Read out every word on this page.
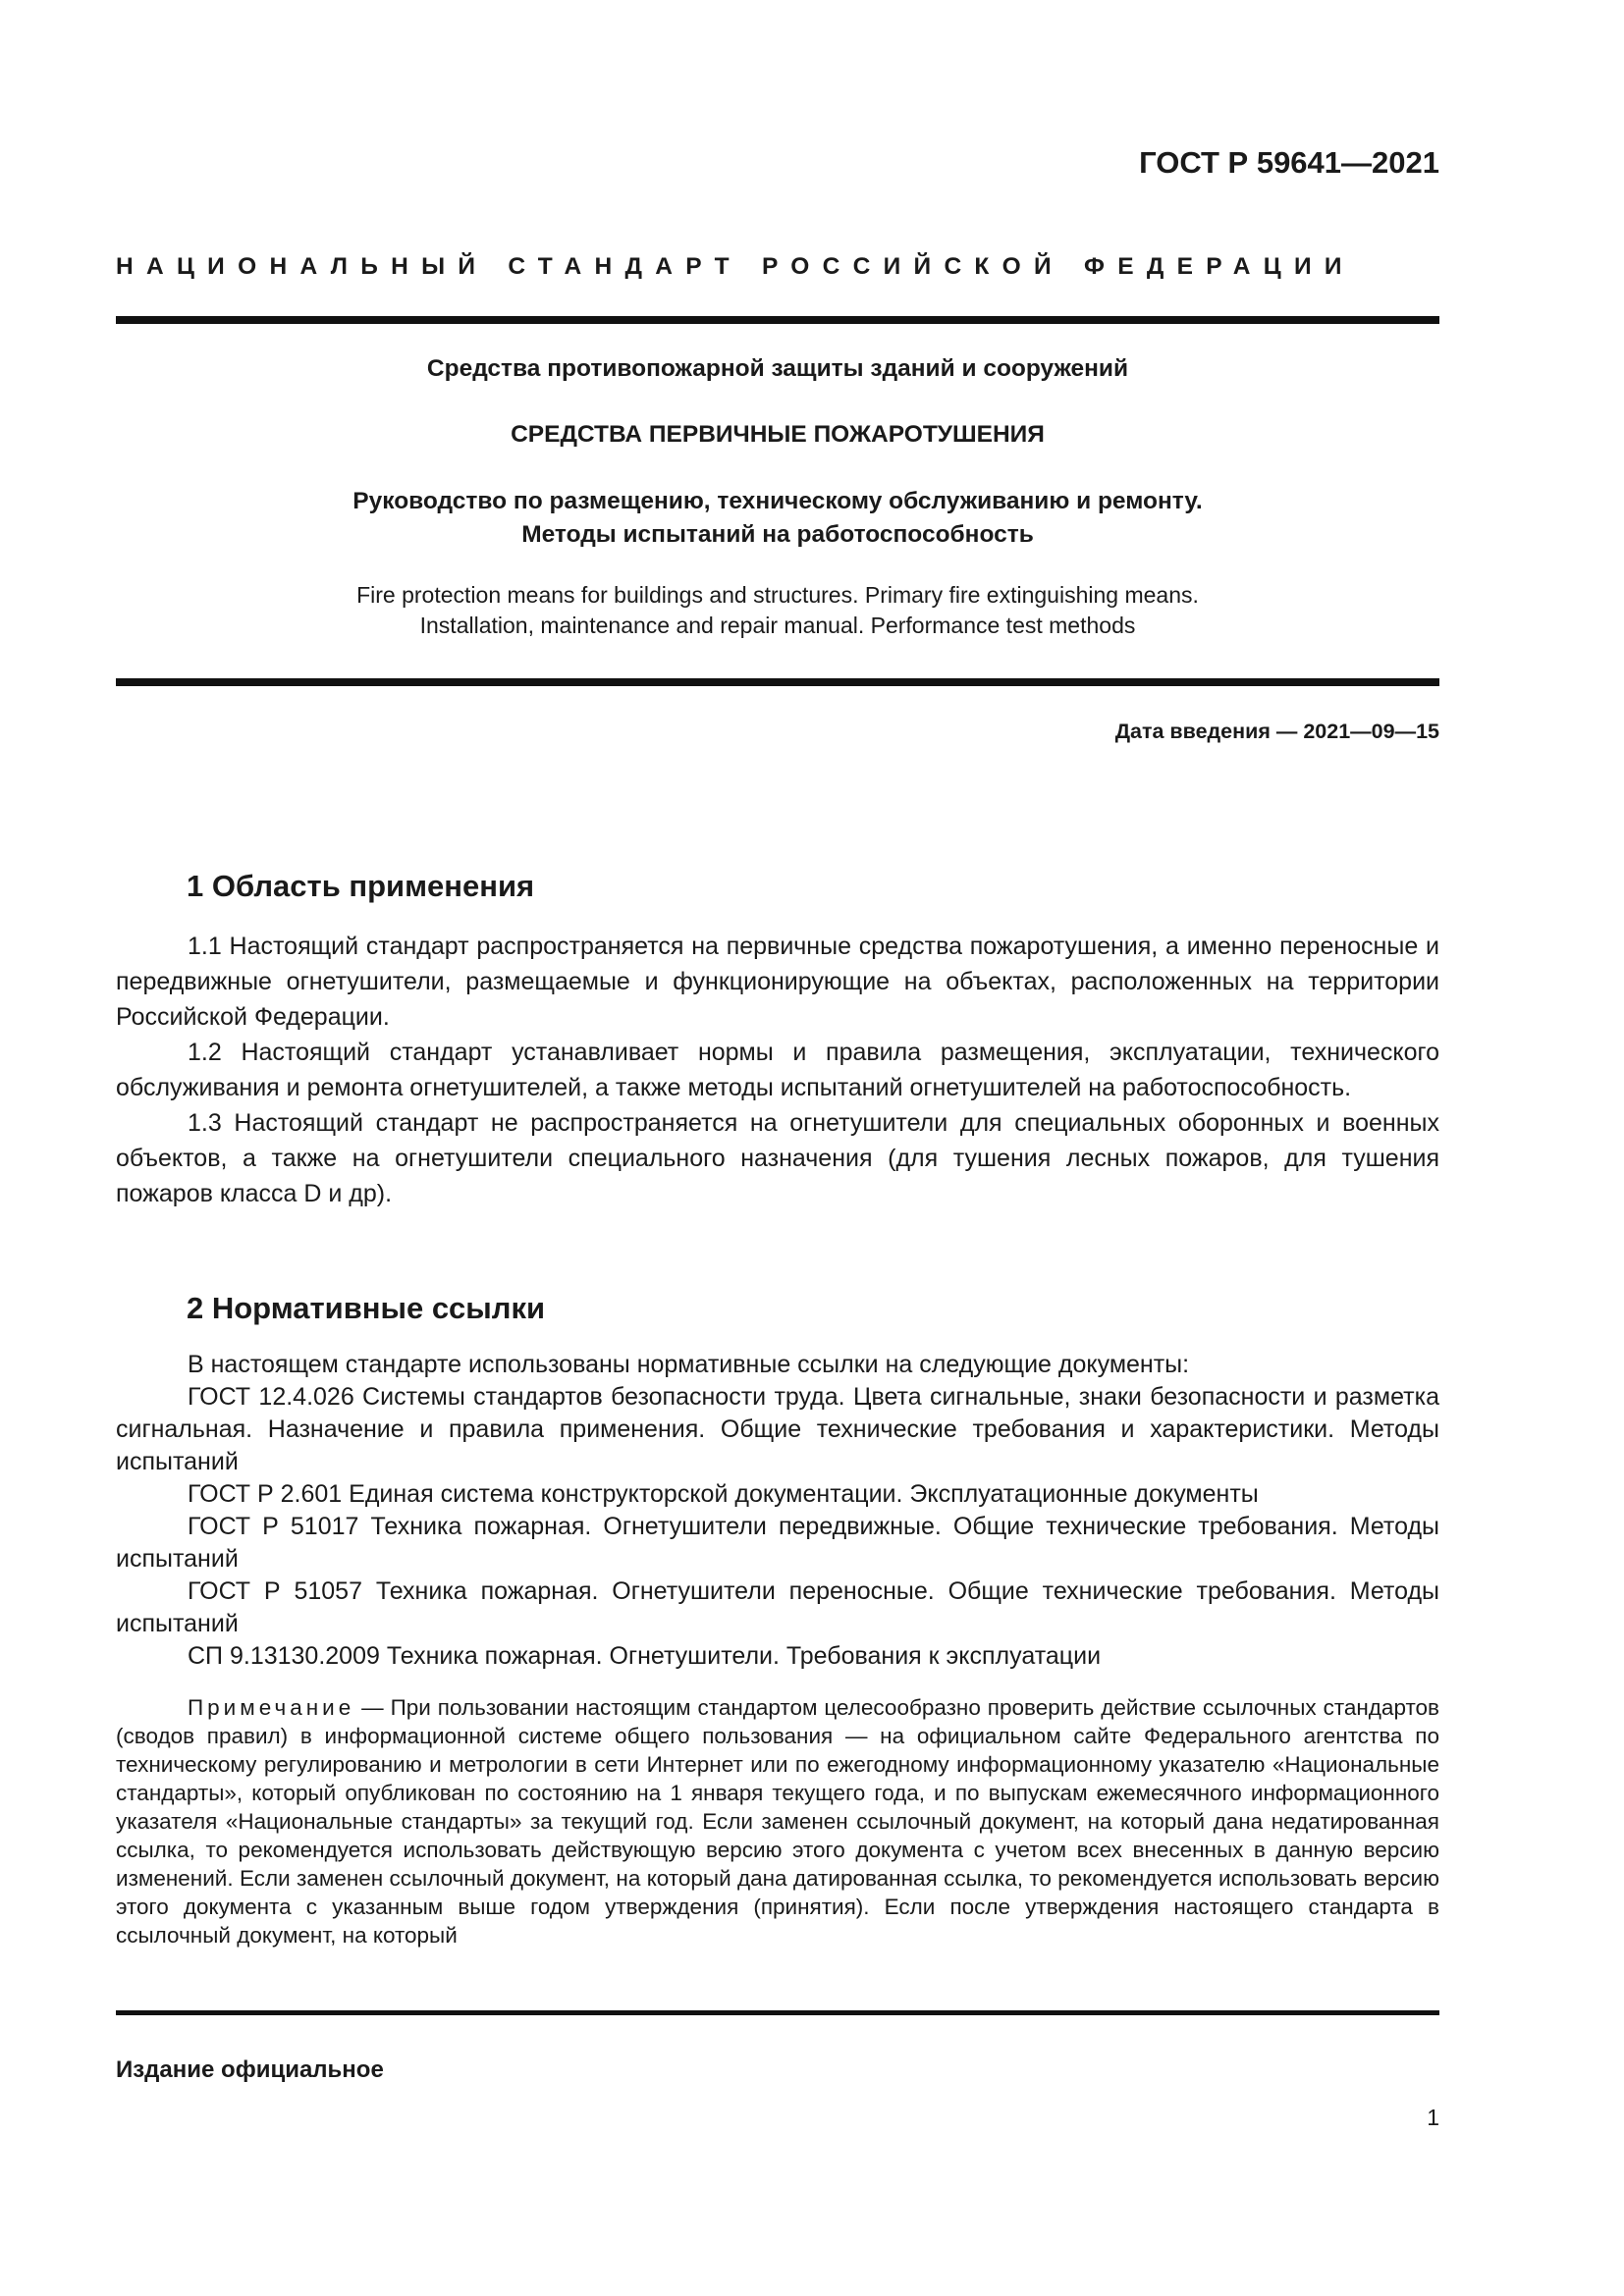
ГОСТ Р 59641—2021
НАЦИОНАЛЬНЫЙ СТАНДАРТ РОССИЙСКОЙ ФЕДЕРАЦИИ
Средства противопожарной защиты зданий и сооружений
СРЕДСТВА ПЕРВИЧНЫЕ ПОЖАРОТУШЕНИЯ
Руководство по размещению, техническому обслуживанию и ремонту.
Методы испытаний на работоспособность
Fire protection means for buildings and structures. Primary fire extinguishing means.
Installation, maintenance and repair manual. Performance test methods
Дата введения — 2021—09—15
1 Область применения

1.1 Настоящий стандарт распространяется на первичные средства пожаротушения, а именно переносные и передвижные огнетушители, размещаемые и функционирующие на объектах, расположенных на территории Российской Федерации.

1.2 Настоящий стандарт устанавливает нормы и правила размещения, эксплуатации, технического обслуживания и ремонта огнетушителей, а также методы испытаний огнетушителей на работоспособность.

1.3 Настоящий стандарт не распространяется на огнетушители для специальных оборонных и военных объектов, а также на огнетушители специального назначения (для тушения лесных пожаров, для тушения пожаров класса D и др).

2 Нормативные ссылки

В настоящем стандарте использованы нормативные ссылки на следующие документы:

ГОСТ 12.4.026 Системы стандартов безопасности труда. Цвета сигнальные, знаки безопасности и разметка сигнальная. Назначение и правила применения. Общие технические требования и характеристики. Методы испытаний

ГОСТ Р 2.601 Единая система конструкторской документации. Эксплуатационные документы

ГОСТ Р 51017 Техника пожарная. Огнетушители передвижные. Общие технические требования. Методы испытаний

ГОСТ Р 51057 Техника пожарная. Огнетушители переносные. Общие технические требования. Методы испытаний

СП 9.13130.2009 Техника пожарная. Огнетушители. Требования к эксплуатации

Примечание — При пользовании настоящим стандартом целесообразно проверить действие ссылочных стандартов (сводов правил) в информационной системе общего пользования — на официальном сайте Федерального агентства по техническому регулированию и метрологии в сети Интернет или по ежегодному информационному указателю «Национальные стандарты», который опубликован по состоянию на 1 января текущего года, и по выпускам ежемесячного информационного указателя «Национальные стандарты» за текущий год. Если заменен ссылочный документ, на который дана недатированная ссылка, то рекомендуется использовать действующую версию этого документа с учетом всех внесенных в данную версию изменений. Если заменен ссылочный документ, на который дана датированная ссылка, то рекомендуется использовать версию этого документа с указанным выше годом утверждения (принятия). Если после утверждения настоящего стандарта в ссылочный документ, на который
Издание официальное
1
